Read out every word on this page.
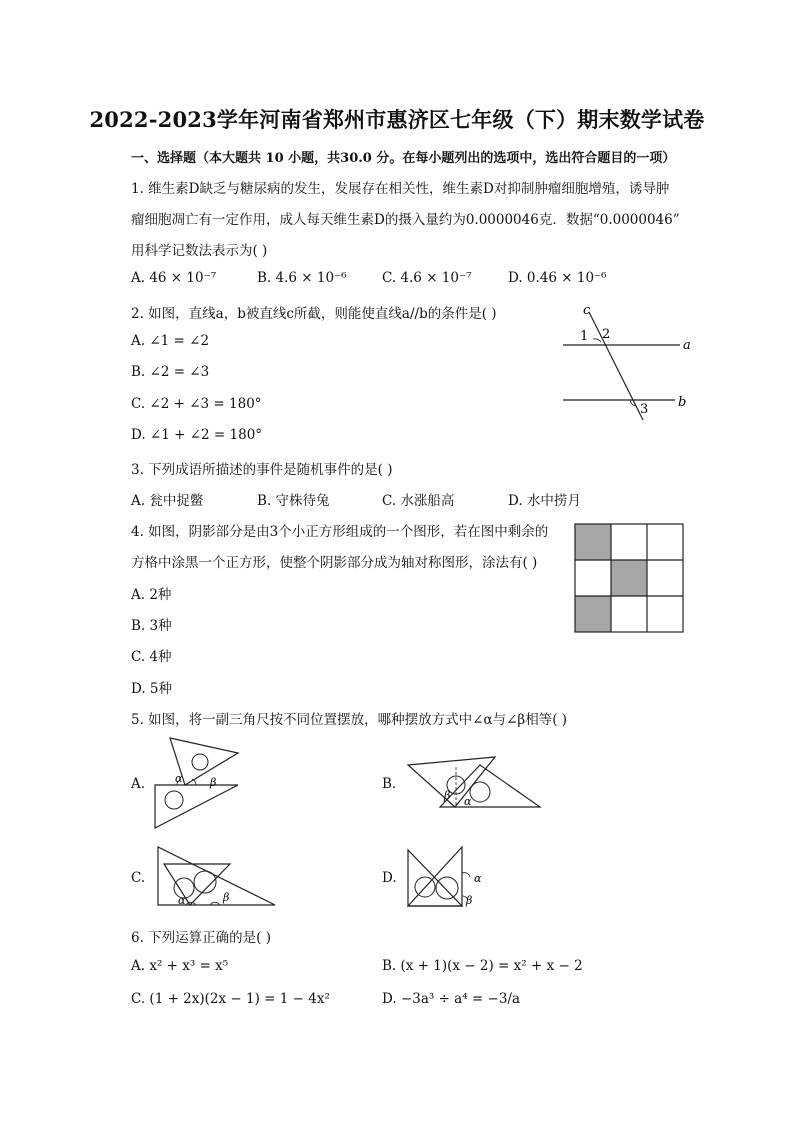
2022-2023学年河南省郑州市惠济区七年级（下）期末数学试卷
一、选择题（本大题共 10 小题，共30.0 分。在每小题列出的选项中，选出符合题目的一项）
1. 维生素D缺乏与糖尿病的发生，发展存在相关性，维生素D对抑制肿瘤细胞增殖，诱导肿
瘤细胞凋亡有一定作用，成人每天维生素D的摄入量约为0.0000046克．数据“0.0000046”
用科学记数法表示为( )
A. 46 × 10⁻⁷	B. 4.6 × 10⁻⁶	C. 4.6 × 10⁻⁷	D. 0.46 × 10⁻⁶
2. 如图，直线a，b被直线c所截，则能使直线a//b的条件是( )
A. ∠1 = ∠2
B. ∠2 = ∠3
C. ∠2 + ∠3 = 180°
D. ∠1 + ∠2 = 180°
c
a
b
1 2
3
3. 下列成语所描述的事件是随机事件的是( )
A. 瓮中捉鳖	B. 守株待兔	C. 水涨船高	D. 水中捞月
4. 如图，阴影部分是由3个小正方形组成的一个图形，若在图中剩余的
方格中涂黑一个正方形，使整个阴影部分成为轴对称图形，涂法有( )
A. 2种
B. 3种
C. 4种
D. 5种
5. 如图，将一副三角尺按不同位置摆放，哪种摆放方式中∠α与∠β相等( )
A.	α	β	B.
β α
C.
α	β
D.	α
β
6. 下列运算正确的是( )
A. x² + x³ = x⁵	B. (x + 1)(x − 2) = x² + x − 2
C. (1 + 2x)(2x − 1) = 1 − 4x²	D. −3a³ ÷ a⁴ = −3/a
